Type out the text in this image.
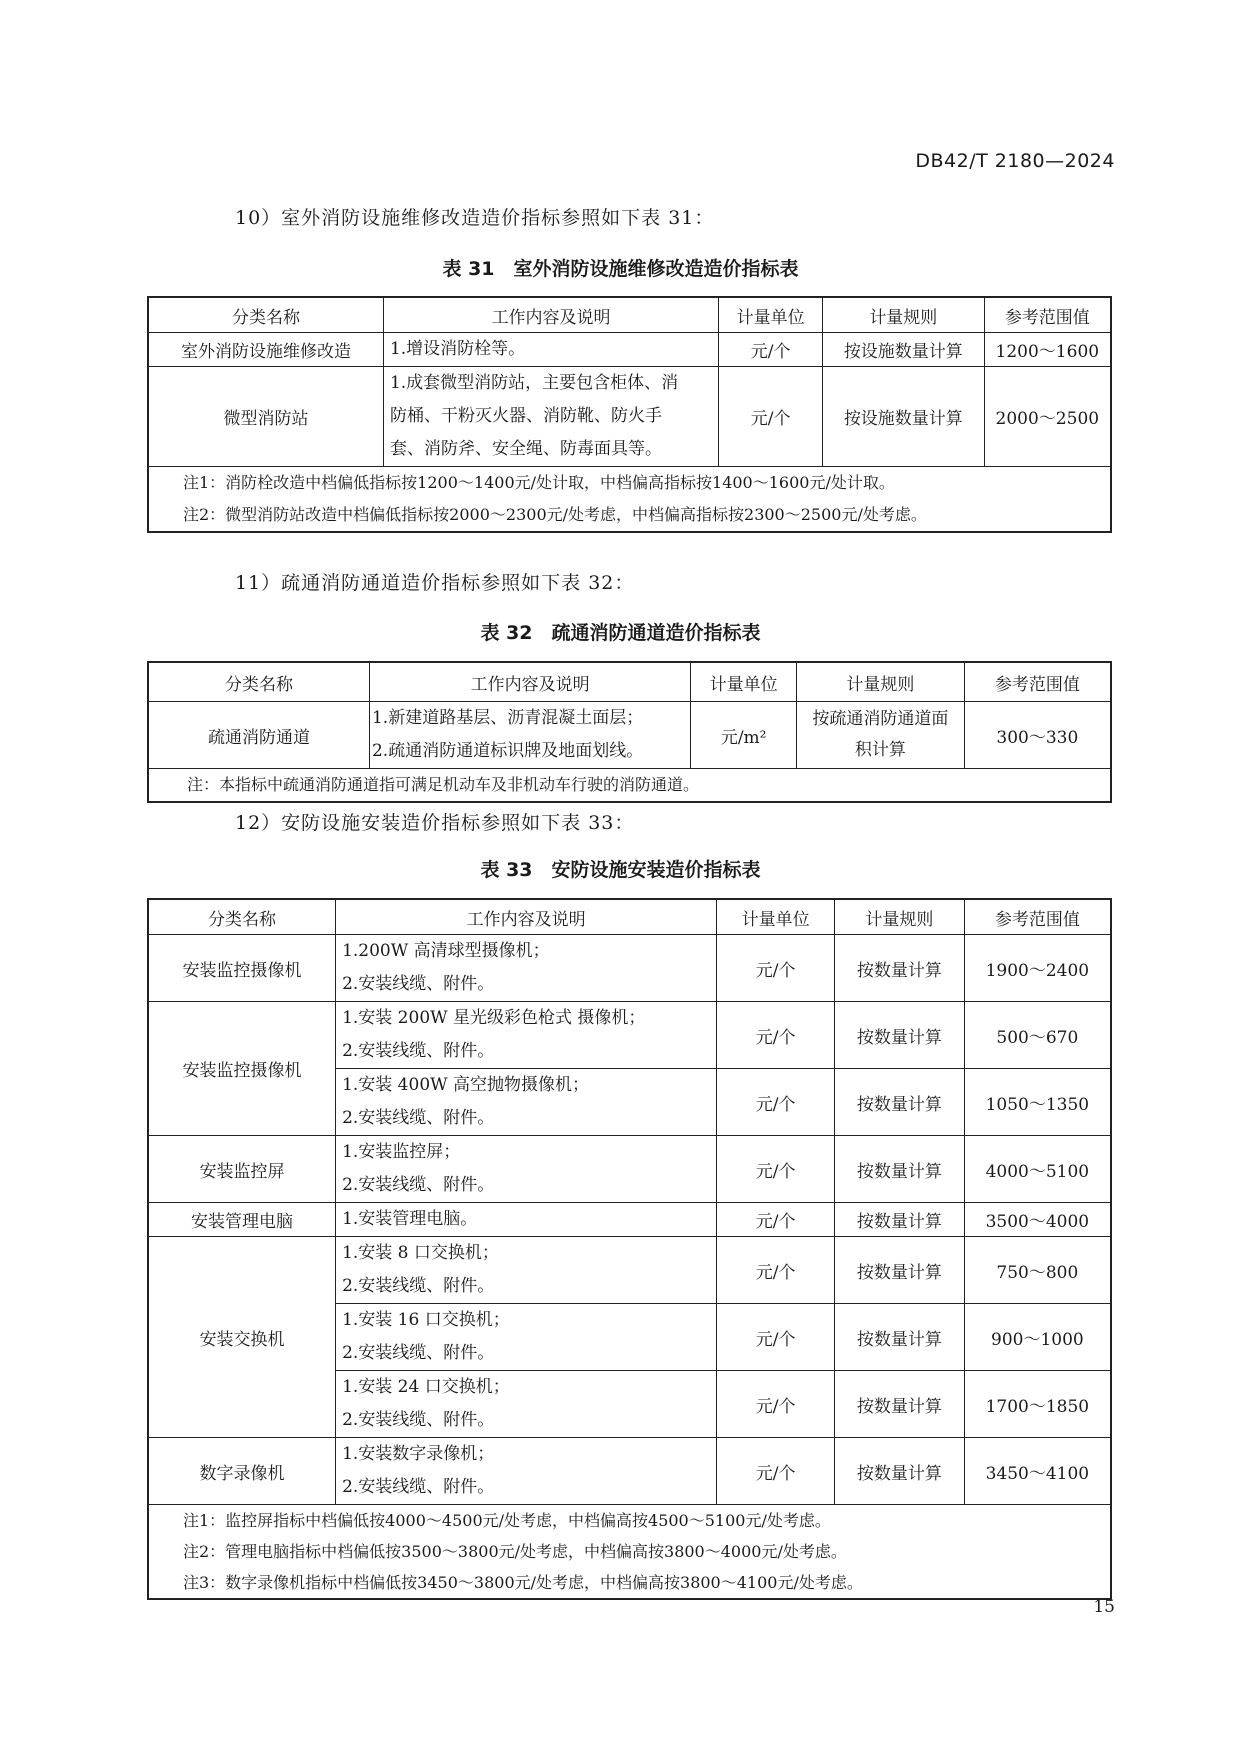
DB42/T 2180—2024
10）室外消防设施维修改造造价指标参照如下表 31：
表 31　室外消防设施维修改造造价指标表
分类名称	工作内容及说明	计量单位	计量规则	参考范围值
室外消防设施维修改造	1.增设消防栓等。	元/个	按设施数量计算	1200～1600
微型消防站	1.成套微型消防站，主要包含柜体、消
防桶、干粉灭火器、消防靴、防火手
套、消防斧、安全绳、防毒面具等。	元/个	按设施数量计算	2000～2500

注1：消防栓改造中档偏低指标按1200～1400元/处计取，中档偏高指标按1400～1600元/处计取。
注2：微型消防站改造中档偏低指标按2000～2300元/处考虑，中档偏高指标按2300～2500元/处考虑。				
11）疏通消防通道造价指标参照如下表 32：
表 32　疏通消防通道造价指标表
分类名称	工作内容及说明	计量单位	计量规则	参考范围值
疏通消防通道	1.新建道路基层、沥青混凝土面层；
2.疏通消防通道标识牌及地面划线。	元/m²	按疏通消防通道面
积计算	300～330

注：本指标中疏通消防通道指可满足机动车及非机动车行驶的消防通道。				
12）安防设施安装造价指标参照如下表 33：
表 33　安防设施安装造价指标表
分类名称	工作内容及说明	计量单位	计量规则	参考范围值
安装监控摄像机	1.200W 高清球型摄像机；
2.安装线缆、附件。	元/个	按数量计算	1900～2400
安装监控摄像机	1.安装 200W 星光级彩色枪式 摄像机；
2.安装线缆、附件。	元/个	按数量计算	500～670

	1.安装 400W 高空抛物摄像机；
2.安装线缆、附件。	元/个	按数量计算	1050～1350
安装监控屏	1.安装监控屏；
2.安装线缆、附件。	元/个	按数量计算	4000～5100
安装管理电脑	1.安装管理电脑。	元/个	按数量计算	3500～4000
安装交换机	1.安装 8 口交换机；
2.安装线缆、附件。	元/个	按数量计算	750～800

	1.安装 16 口交换机；
2.安装线缆、附件。	元/个	按数量计算	900～1000

	1.安装 24 口交换机；
2.安装线缆、附件。	元/个	按数量计算	1700～1850
数字录像机	1.安装数字录像机；
2.安装线缆、附件。	元/个	按数量计算	3450～4100

注1：监控屏指标中档偏低按4000～4500元/处考虑，中档偏高按4500～5100元/处考虑。
注2：管理电脑指标中档偏低按3500～3800元/处考虑，中档偏高按3800～4000元/处考虑。
注3：数字录像机指标中档偏低按3450～3800元/处考虑，中档偏高按3800～4100元/处考虑。				
15
